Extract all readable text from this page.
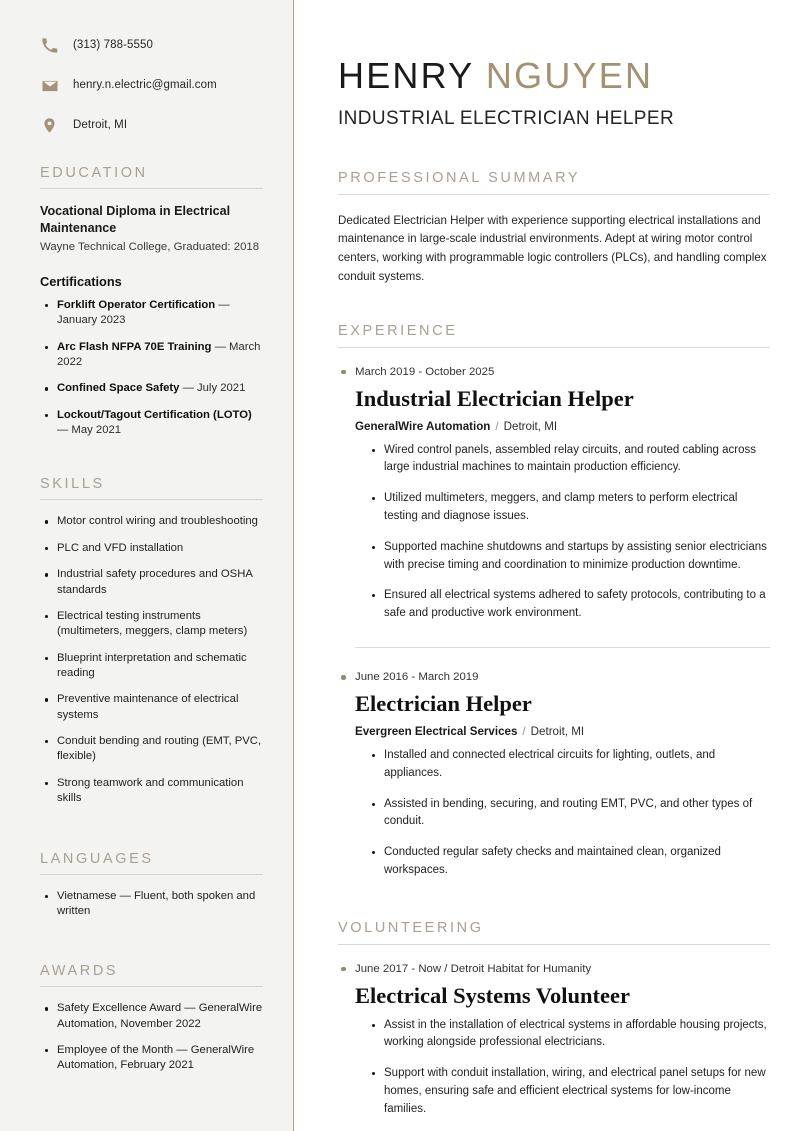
(313) 788-5550
henry.n.electric@gmail.com
Detroit, MI
EDUCATION
Vocational Diploma in Electrical Maintenance
Wayne Technical College, Graduated: 2018
Certifications
Forklift Operator Certification — January 2023
Arc Flash NFPA 70E Training — March 2022
Confined Space Safety — July 2021
Lockout/Tagout Certification (LOTO) — May 2021
SKILLS
Motor control wiring and troubleshooting
PLC and VFD installation
Industrial safety procedures and OSHA standards
Electrical testing instruments (multimeters, meggers, clamp meters)
Blueprint interpretation and schematic reading
Preventive maintenance of electrical systems
Conduit bending and routing (EMT, PVC, flexible)
Strong teamwork and communication skills
LANGUAGES
Vietnamese — Fluent, both spoken and written
AWARDS
Safety Excellence Award — GeneralWire Automation, November 2022
Employee of the Month — GeneralWire Automation, February 2021
HENRY NGUYEN
INDUSTRIAL ELECTRICIAN HELPER
PROFESSIONAL SUMMARY

Dedicated Electrician Helper with experience supporting electrical installations and maintenance in large-scale industrial environments. Adept at wiring motor control centers, working with programmable logic controllers (PLCs), and handling complex conduit systems.

EXPERIENCE
March 2019 - October 2025
Industrial Electrician Helper
GeneralWire Automation / Detroit, MI
Wired control panels, assembled relay circuits, and routed cabling across large industrial machines to maintain production efficiency.
Utilized multimeters, meggers, and clamp meters to perform electrical testing and diagnose issues.
Supported machine shutdowns and startups by assisting senior electricians with precise timing and coordination to minimize production downtime.
Ensured all electrical systems adhered to safety protocols, contributing to a safe and productive work environment.
June 2016 - March 2019
Electrician Helper
Evergreen Electrical Services / Detroit, MI
Installed and connected electrical circuits for lighting, outlets, and appliances.
Assisted in bending, securing, and routing EMT, PVC, and other types of conduit.
Conducted regular safety checks and maintained clean, organized workspaces.
VOLUNTEERING
June 2017 - Now / Detroit Habitat for Humanity
Electrical Systems Volunteer
Assist in the installation of electrical systems in affordable housing projects, working alongside professional electricians.
Support with conduit installation, wiring, and electrical panel setups for new homes, ensuring safe and efficient electrical systems for low-income families.
